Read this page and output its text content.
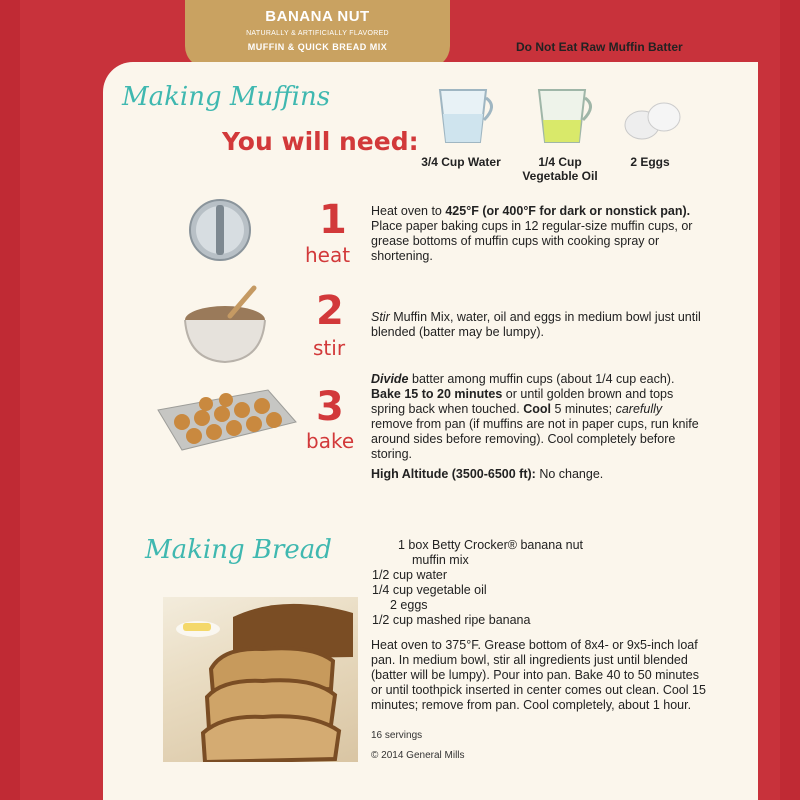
BANANA NUT
NATURALLY & ARTIFICIALLY FLAVORED
MUFFIN & QUICK BREAD MIX	Do Not Eat Raw Muffin Batter
Making Muffins
You will need:
3/4 Cup Water	1/4 Cup
Vegetable Oil
2 Eggs
1
heat
Heat oven to 425°F (or 400°F for dark or nonstick pan). Place paper baking cups in 12 regular-size muffin cups, or grease bottoms of muffin cups with cooking spray or shortening.
2
stir
Stir Muffin Mix, water, oil and eggs in medium bowl just until blended (batter may be lumpy).
3
bake
Divide batter among muffin cups (about 1/4 cup each). Bake 15 to 20 minutes or until golden brown and tops spring back when touched. Cool 5 minutes; carefully remove from pan (if muffins are not in paper cups, run knife around sides before removing). Cool completely before storing.
High Altitude (3500-6500 ft): No change.
Making Bread	1 box Betty Crocker® banana nut
muffin mix
1/2 cup water
1/4 cup vegetable oil
2 eggs
1/2 cup mashed ripe banana
Heat oven to 375°F. Grease bottom of 8x4- or 9x5-inch loaf pan. In medium bowl, stir all ingredients just until blended (batter will be lumpy). Pour into pan. Bake 40 to 50 minutes or until toothpick inserted in center comes out clean. Cool 15 minutes; remove from pan. Cool completely, about 1 hour.
16 servings
© 2014 General Mills
